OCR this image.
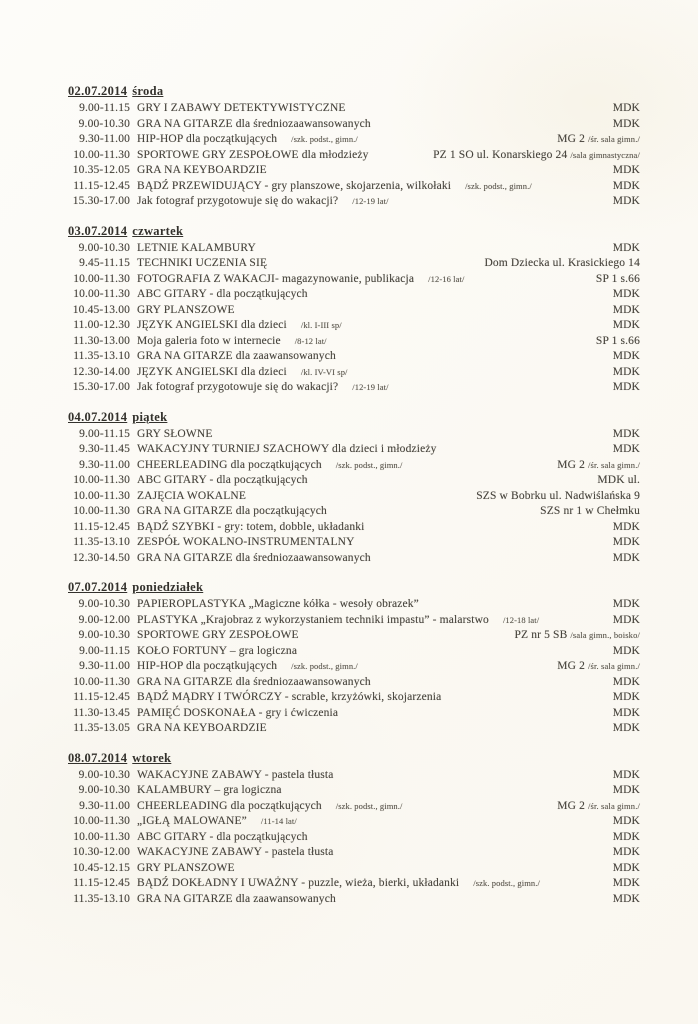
02.07.2014 środa
9.00-11.15 GRY I ZABAWY DETEKTYWISTYCZNE	MDK
9.00-10.30 GRA NA GITARZE dla średniozaawansowanych	MDK
9.30-11.00 HIP-HOP dla początkujących /szk. podst., gimn./	MG 2 /śr. sala gimn./
10.00-11.30 SPORTOWE GRY ZESPOŁOWE dla młodzieży	PZ 1 SO ul. Konarskiego 24 /sala gimnastyczna/
10.35-12.05 GRA NA KEYBOARDZIE	MDK
11.15-12.45 BĄDŹ PRZEWIDUJĄCY - gry planszowe, skojarzenia, wilkołaki /szk. podst., gimn./	MDK
15.30-17.00 Jak fotograf przygotowuje się do wakacji? /12-19 lat/	MDK
03.07.2014 czwartek
9.00-10.30 LETNIE KALAMBURY	MDK
9.45-11.15 TECHNIKI UCZENIA SIĘ	Dom Dziecka ul. Krasickiego 14
10.00-11.30 FOTOGRAFIA Z WAKACJI- magazynowanie, publikacja /12-16 lat/	SP 1 s.66
10.00-11.30 ABC GITARY - dla początkujących	MDK
10.45-13.00 GRY PLANSZOWE	MDK
11.00-12.30 JĘZYK ANGIELSKI dla dzieci /kl. I-III sp/	MDK
11.30-13.00 Moja galeria foto w internecie /8-12 lat/	SP 1 s.66
11.35-13.10 GRA NA GITARZE dla zaawansowanych	MDK
12.30-14.00 JĘZYK ANGIELSKI dla dzieci /kl. IV-VI sp/	MDK
15.30-17.00 Jak fotograf przygotowuje się do wakacji? /12-19 lat/	MDK
04.07.2014 piątek
9.00-11.15 GRY SŁOWNE	MDK
9.30-11.45 WAKACYJNY TURNIEJ SZACHOWY dla dzieci i młodzieży	MDK
9.30-11.00 CHEERLEADING dla początkujących /szk. podst., gimn./	MG 2 /śr. sala gimn./
10.00-11.30 ABC GITARY - dla początkujących	MDK ul.
10.00-11.30 ZAJĘCIA WOKALNE	SZS w Bobrku ul. Nadwiślańska 9
10.00-11.30 GRA NA GITARZE dla początkujących	SZS nr 1 w Chełmku
11.15-12.45 BĄDŹ SZYBKI - gry: totem, dobble, układanki	MDK
11.35-13.10 ZESPÓŁ WOKALNO-INSTRUMENTALNY	MDK
12.30-14.50 GRA NA GITARZE dla średniozaawansowanych	MDK
07.07.2014 poniedziałek
9.00-10.30 PAPIEROPLASTYKA „Magiczne kółka - wesoły obrazek”	MDK
9.00-12.00 PLASTYKA „Krajobraz z wykorzystaniem techniki impastu” - malarstwo /12-18 lat/	MDK
9.00-10.30 SPORTOWE GRY ZESPOŁOWE	PZ nr 5 SB /sala gimn., boisko/
9.00-11.15 KOŁO FORTUNY – gra logiczna	MDK
9.30-11.00 HIP-HOP dla początkujących /szk. podst., gimn./	MG 2 /śr. sala gimn./
10.00-11.30 GRA NA GITARZE dla średniozaawansowanych	MDK
11.15-12.45 BĄDŹ MĄDRY I TWÓRCZY - scrable, krzyżówki, skojarzenia	MDK
11.30-13.45 PAMIĘĆ DOSKONAŁA - gry i ćwiczenia	MDK
11.35-13.05 GRA NA KEYBOARDZIE	MDK
08.07.2014 wtorek
9.00-10.30 WAKACYJNE ZABAWY - pastela tłusta	MDK
9.00-10.30 KALAMBURY – gra logiczna	MDK
9.30-11.00 CHEERLEADING dla początkujących /szk. podst., gimn./	MG 2 /śr. sala gimn./
10.00-11.30 „IGŁĄ MALOWANE” /11-14 lat/	MDK
10.00-11.30 ABC GITARY - dla początkujących	MDK
10.30-12.00 WAKACYJNE ZABAWY - pastela tłusta	MDK
10.45-12.15 GRY PLANSZOWE	MDK
11.15-12.45 BĄDŹ DOKŁADNY I UWAŻNY - puzzle, wieża, bierki, układanki /szk. podst., gimn./	MDK
11.35-13.10 GRA NA GITARZE dla zaawansowanych	MDK
